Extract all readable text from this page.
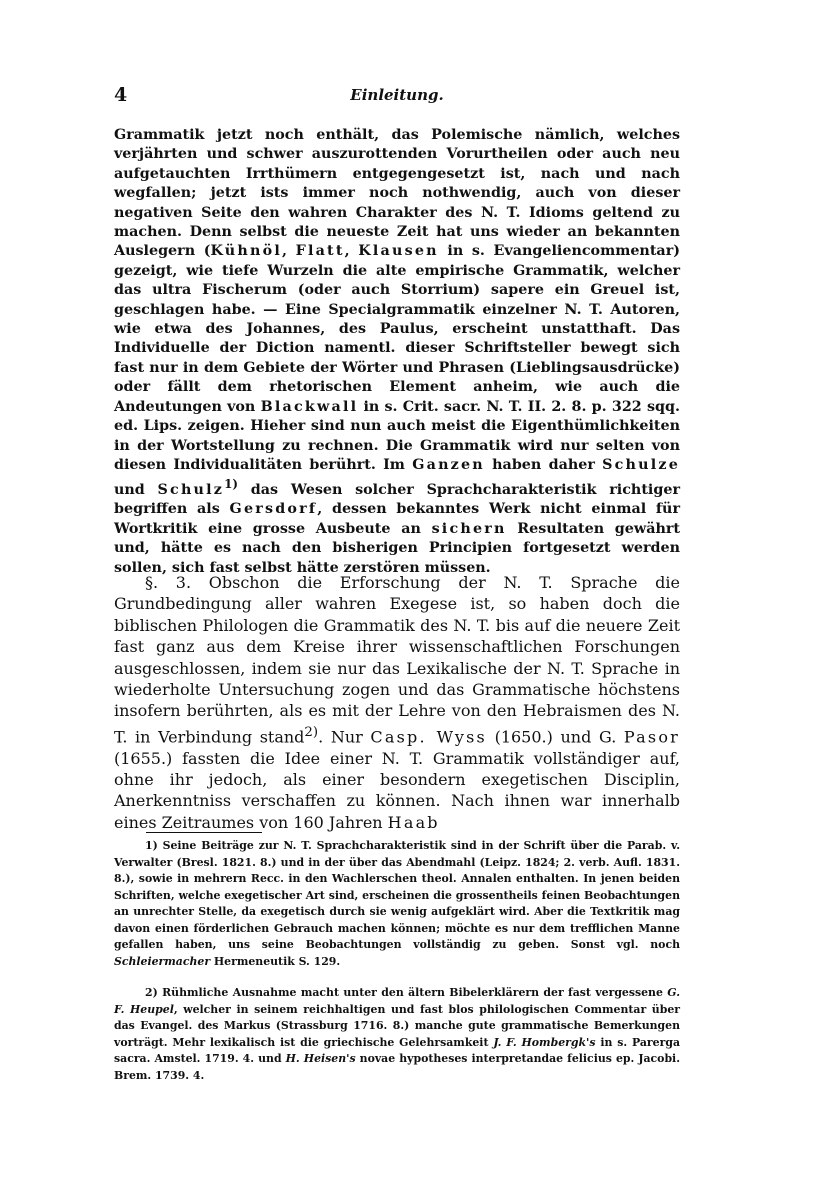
4	Einleitung.

Grammatik jetzt noch enthält, das Polemische nämlich, welches verjährten und schwer auszurottenden Vorurtheilen oder auch neu aufgetauchten Irrthümern entgegengesetzt ist, nach und nach wegfallen; jetzt ists immer noch nothwendig, auch von dieser negativen Seite den wahren Charakter des N. T. Idioms geltend zu machen. Denn selbst die neueste Zeit hat uns wieder an bekannten Auslegern (Kühnöl, Flatt, Klausen in s. Evangeliencommentar) gezeigt, wie tiefe Wurzeln die alte empirische Grammatik, welcher das ultra Fischerum (oder auch Storrium) sapere ein Greuel ist, geschlagen habe. — Eine Specialgrammatik einzelner N. T. Autoren, wie etwa des Johannes, des Paulus, erscheint unstatthaft. Das Individuelle der Diction namentl. dieser Schriftsteller bewegt sich fast nur in dem Gebiete der Wörter und Phrasen (Lieblingsausdrücke) oder fällt dem rhetorischen Element anheim, wie auch die Andeutungen von Blackwall in s. Crit. sacr. N. T. II. 2. 8. p. 322 sqq. ed. Lips. zeigen. Hieher sind nun auch meist die Eigenthümlichkeiten in der Wortstellung zu rechnen. Die Grammatik wird nur selten von diesen Individualitäten berührt. Im Ganzen haben daher Schulze und Schulz$^{1)}$ das Wesen solcher Sprachcharakteristik richtiger begriffen als Gersdorf, dessen bekanntes Werk nicht einmal für Wortkritik eine grosse Ausbeute an sichern Resultaten gewährt und, hätte es nach den bisherigen Principien fortgesetzt werden sollen, sich fast selbst hätte zerstören müssen.

§. 3. Obschon die Erforschung der N. T. Sprache die Grundbedingung aller wahren Exegese ist, so haben doch die biblischen Philologen die Grammatik des N. T. bis auf die neuere Zeit fast ganz aus dem Kreise ihrer wissenschaftlichen Forschungen ausgeschlossen, indem sie nur das Lexikalische der N. T. Sprache in wiederholte Untersuchung zogen und das Grammatische höchstens insofern berührten, als es mit der Lehre von den Hebraismen des N. T. in Verbindung stand$^{2)}$. Nur Casp. Wyss (1650.) und G. Pasor (1655.) fassten die Idee einer N. T. Grammatik vollständiger auf, ohne ihr jedoch, als einer besondern exegetischen Disciplin, Anerkenntniss verschaffen zu können. Nach ihnen war innerhalb eines Zeitraumes von 160 Jahren Haab

1) Seine Beiträge zur N. T. Sprachcharakteristik sind in der Schrift über die Parab. v. Verwalter (Bresl. 1821. 8.) und in der über das Abendmahl (Leipz. 1824; 2. verb. Aufl. 1831. 8.), sowie in mehrern Recc. in den Wachlerschen theol. Annalen enthalten. In jenen beiden Schriften, welche exegetischer Art sind, erscheinen die grossentheils feinen Beobachtungen an unrechter Stelle, da exegetisch durch sie wenig aufgeklärt wird. Aber die Textkritik mag davon einen förderlichen Gebrauch machen können; möchte es nur dem trefflichen Manne gefallen haben, uns seine Beobachtungen vollständig zu geben. Sonst vgl. noch Schleiermacher Hermeneutik S. 129.

2) Rühmliche Ausnahme macht unter den ältern Bibelerklärern der fast vergessene G. F. Heupel, welcher in seinem reichhaltigen und fast blos philologischen Commentar über das Evangel. des Markus (Strassburg 1716. 8.) manche gute grammatische Bemerkungen vorträgt. Mehr lexikalisch ist die griechische Gelehrsamkeit J. F. Hombergk's in s. Parerga sacra. Amstel. 1719. 4. und H. Heisen's novae hypotheses interpretandae felicius ep. Jacobi. Brem. 1739. 4.
